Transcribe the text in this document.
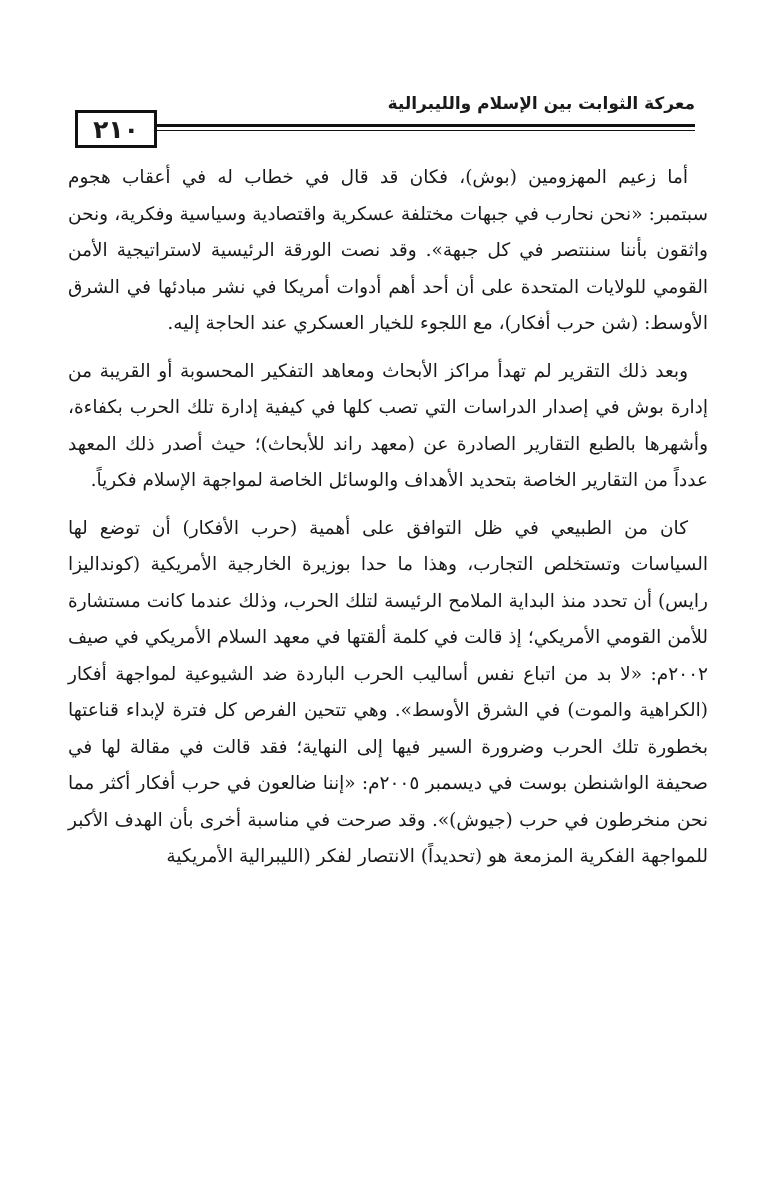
٢١٠
معركة الثوابت بين الإسلام والليبرالية

أما زعيم المهزومين (بوش)، فكان قد قال في خطاب له في أعقاب هجوم سبتمبر: «نحن نحارب في جبهات مختلفة عسكرية واقتصادية وسياسية وفكرية، ونحن واثقون بأننا سننتصر في كل جبهة». وقد نصت الورقة الرئيسية لاستراتيجية الأمن القومي للولايات المتحدة على أن أحد أهم أدوات أمريكا في نشر مبادئها في الشرق الأوسط: (شن حرب أفكار)، مع اللجوء للخيار العسكري عند الحاجة إليه.

وبعد ذلك التقرير لم تهدأ مراكز الأبحاث ومعاهد التفكير المحسوبة أو القريبة من إدارة بوش في إصدار الدراسات التي تصب كلها في كيفية إدارة تلك الحرب بكفاءة، وأشهرها بالطبع التقارير الصادرة عن (معهد راند للأبحاث)؛ حيث أصدر ذلك المعهد عدداً من التقارير الخاصة بتحديد الأهداف والوسائل الخاصة لمواجهة الإسلام فكرياً.

كان من الطبيعي في ظل التوافق على أهمية (حرب الأفكار) أن توضع لها السياسات وتستخلص التجارب، وهذا ما حدا بوزيرة الخارجية الأمريكية (كونداليزا رايس) أن تحدد منذ البداية الملامح الرئيسة لتلك الحرب، وذلك عندما كانت مستشارة للأمن القومي الأمريكي؛ إذ قالت في كلمة ألقتها في معهد السلام الأمريكي في صيف ٢٠٠٢م: «لا بد من اتباع نفس أساليب الحرب الباردة ضد الشيوعية لمواجهة أفكار (الكراهية والموت) في الشرق الأوسط». وهي تتحين الفرص كل فترة لإبداء قناعتها بخطورة تلك الحرب وضرورة السير فيها إلى النهاية؛ فقد قالت في مقالة لها في صحيفة الواشنطن بوست في ديسمبر ٢٠٠٥م: «إننا ضالعون في حرب أفكار أكثر مما نحن منخرطون في حرب (جيوش)». وقد صرحت في مناسبة أخرى بأن الهدف الأكبر للمواجهة الفكرية المزمعة هو (تحديداً) الانتصار لفكر (الليبرالية الأمريكية
